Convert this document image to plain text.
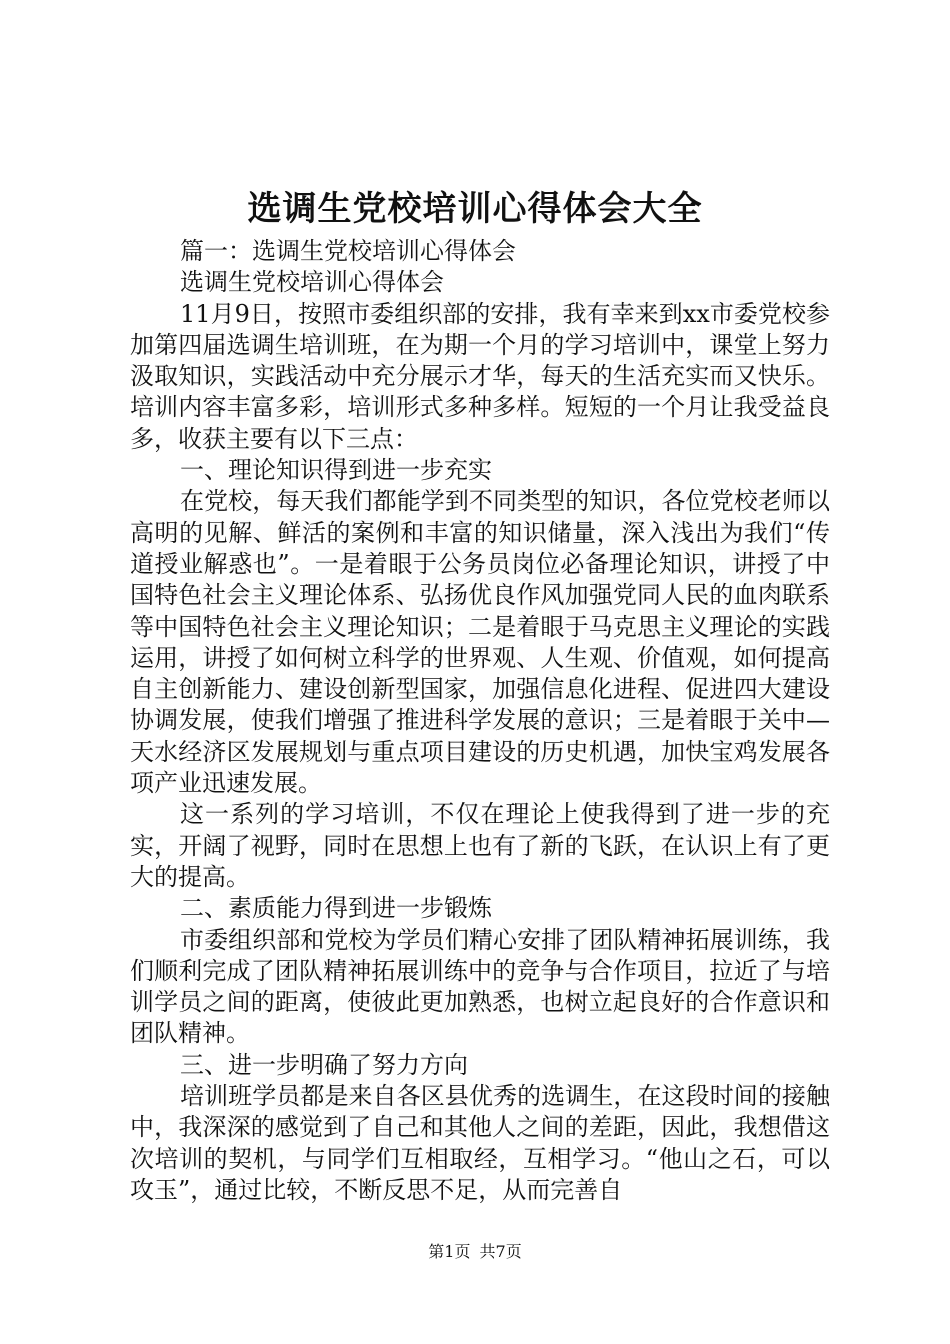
选调生党校培训心得体会大全

篇一：选调生党校培训心得体会

选调生党校培训心得体会

11月9日，按照市委组织部的安排，我有幸来到xx市委党校参加第四届选调生培训班，在为期一个月的学习培训中，课堂上努力汲取知识，实践活动中充分展示才华，每天的生活充实而又快乐。培训内容丰富多彩，培训形式多种多样。短短的一个月让我受益良多，收获主要有以下三点：

一、理论知识得到进一步充实

在党校，每天我们都能学到不同类型的知识，各位党校老师以高明的见解、鲜活的案例和丰富的知识储量，深入浅出为我们“传道授业解惑也”。一是着眼于公务员岗位必备理论知识，讲授了中国特色社会主义理论体系、弘扬优良作风加强党同人民的血肉联系等中国特色社会主义理论知识；二是着眼于马克思主义理论的实践运用，讲授了如何树立科学的世界观、人生观、价值观，如何提高自主创新能力、建设创新型国家，加强信息化进程、促进四大建设协调发展，使我们增强了推进科学发展的意识；三是着眼于关中—天水经济区发展规划与重点项目建设的历史机遇，加快宝鸡发展各项产业迅速发展。

这一系列的学习培训，不仅在理论上使我得到了进一步的充实，开阔了视野，同时在思想上也有了新的飞跃，在认识上有了更大的提高。

二、素质能力得到进一步锻炼

市委组织部和党校为学员们精心安排了团队精神拓展训练，我们顺利完成了团队精神拓展训练中的竞争与合作项目，拉近了与培训学员之间的距离，使彼此更加熟悉，也树立起良好的合作意识和团队精神。

三、进一步明确了努力方向

培训班学员都是来自各区县优秀的选调生，在这段时间的接触中，我深深的感觉到了自己和其他人之间的差距，因此，我想借这次培训的契机，与同学们互相取经，互相学习。“他山之石，可以攻玉”，通过比较，不断反思不足，从而完善自

第1页 共7页
